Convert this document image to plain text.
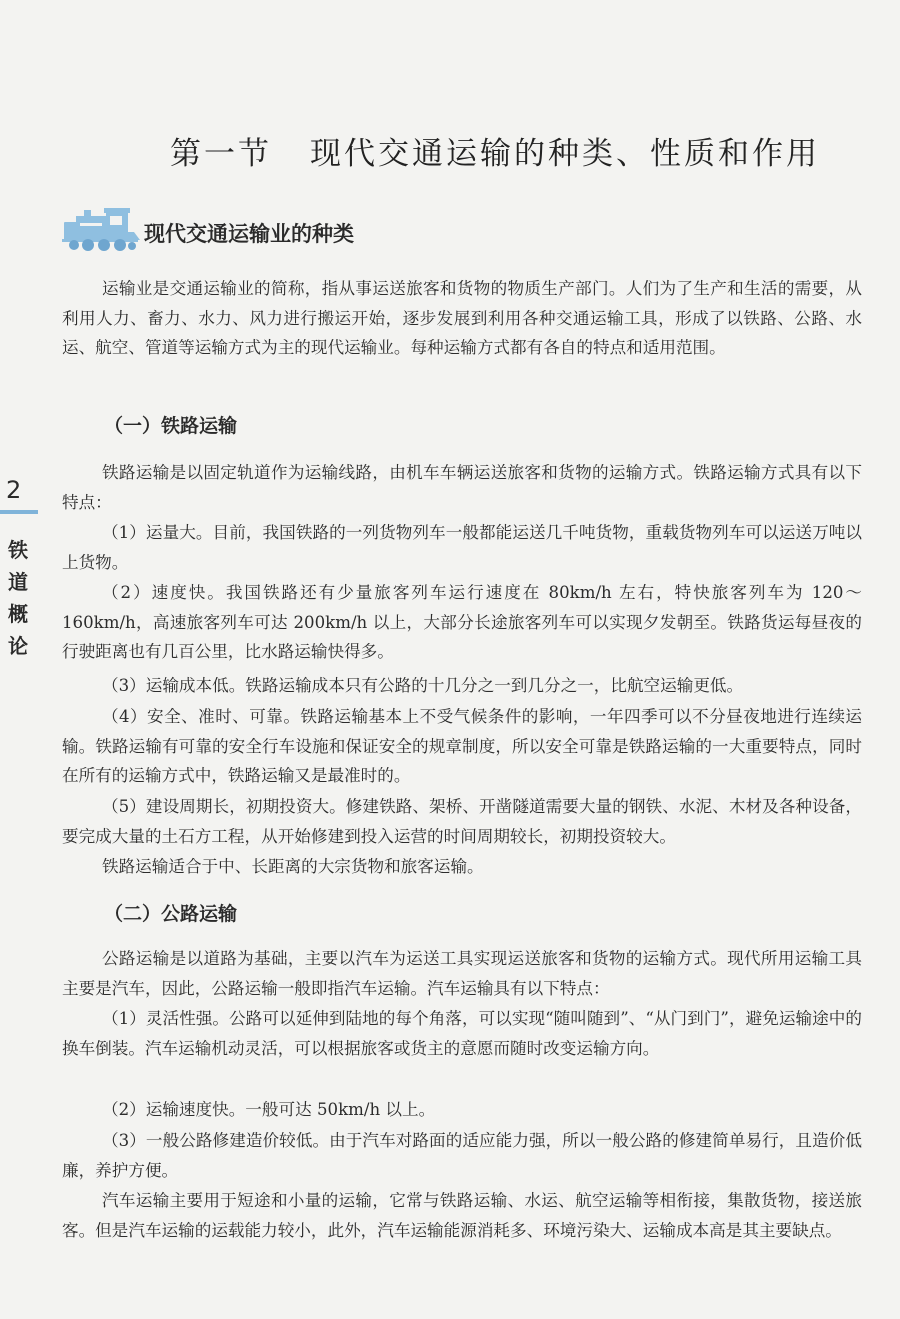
2
铁
道
概
论
第一节 现代交通运输的种类、性质和作用
现代交通运输业的种类
运输业是交通运输业的简称，指从事运送旅客和货物的物质生产部门。人们为了生产和生活的需要，从利用人力、畜力、水力、风力进行搬运开始，逐步发展到利用各种交通运输工具，形成了以铁路、公路、水运、航空、管道等运输方式为主的现代运输业。每种运输方式都有各自的特点和适用范围。
（一）铁路运输
铁路运输是以固定轨道作为运输线路，由机车车辆运送旅客和货物的运输方式。铁路运输方式具有以下特点：
（1）运量大。目前，我国铁路的一列货物列车一般都能运送几千吨货物，重载货物列车可以运送万吨以上货物。
（2）速度快。我国铁路还有少量旅客列车运行速度在 80km/h 左右，特快旅客列车为 120～160km/h，高速旅客列车可达 200km/h 以上，大部分长途旅客列车可以实现夕发朝至。铁路货运每昼夜的行驶距离也有几百公里，比水路运输快得多。
（3）运输成本低。铁路运输成本只有公路的十几分之一到几分之一，比航空运输更低。
（4）安全、准时、可靠。铁路运输基本上不受气候条件的影响，一年四季可以不分昼夜地进行连续运输。铁路运输有可靠的安全行车设施和保证安全的规章制度，所以安全可靠是铁路运输的一大重要特点，同时在所有的运输方式中，铁路运输又是最准时的。
（5）建设周期长，初期投资大。修建铁路、架桥、开凿隧道需要大量的钢铁、水泥、木材及各种设备，要完成大量的土石方工程，从开始修建到投入运营的时间周期较长，初期投资较大。
铁路运输适合于中、长距离的大宗货物和旅客运输。
（二）公路运输
公路运输是以道路为基础，主要以汽车为运送工具实现运送旅客和货物的运输方式。现代所用运输工具主要是汽车，因此，公路运输一般即指汽车运输。汽车运输具有以下特点：
（1）灵活性强。公路可以延伸到陆地的每个角落，可以实现“随叫随到”、“从门到门”，避免运输途中的换车倒装。汽车运输机动灵活，可以根据旅客或货主的意愿而随时改变运输方向。
（2）运输速度快。一般可达 50km/h 以上。
（3）一般公路修建造价较低。由于汽车对路面的适应能力强，所以一般公路的修建简单易行，且造价低廉，养护方便。
汽车运输主要用于短途和小量的运输，它常与铁路运输、水运、航空运输等相衔接，集散货物，接送旅客。但是汽车运输的运载能力较小，此外，汽车运输能源消耗多、环境污染大、运输成本高是其主要缺点。
